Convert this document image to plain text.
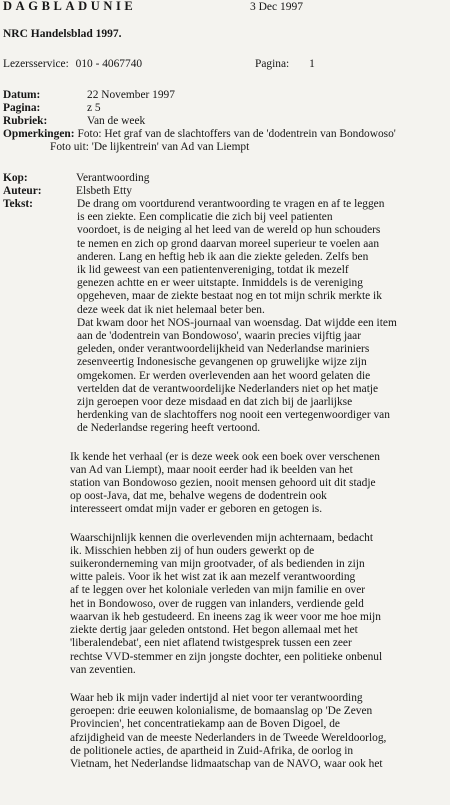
DAGBLADUNIE	3 Dec 1997
NRC Handelsblad 1997.
Lezersservice: 010 - 4067740	Pagina: 1
Datum:	22 November 1997
Pagina:	z 5
Rubriek:	Van de week
Opmerkingen: Foto: Het graf van de slachtoffers van de 'dodentrein van Bondowoso'
Foto uit: 'De lijkentrein' van Ad van Liempt
Kop:	Verantwoording
Auteur:	Elsbeth Etty
Tekst:	De drang om voortdurend verantwoording te vragen en af te leggen
is een ziekte. Een complicatie die zich bij veel patienten
voordoet, is de neiging al het leed van de wereld op hun schouders
te nemen en zich op grond daarvan moreel superieur te voelen aan
anderen. Lang en heftig heb ik aan die ziekte geleden. Zelfs ben
ik lid geweest van een patientenvereniging, totdat ik mezelf
genezen achtte en er weer uitstapte. Inmiddels is de vereniging
opgeheven, maar de ziekte bestaat nog en tot mijn schrik merkte ik
deze week dat ik niet helemaal beter ben.
Dat kwam door het NOS-journaal van woensdag. Dat wijdde een item
aan de 'dodentrein van Bondowoso', waarin precies vijftig jaar
geleden, onder verantwoordelijkheid van Nederlandse mariniers
zesenveertig Indonesische gevangenen op gruwelijke wijze zijn
omgekomen. Er werden overlevenden aan het woord gelaten die
vertelden dat de verantwoordelijke Nederlanders niet op het matje
zijn geroepen voor deze misdaad en dat zich bij de jaarlijkse
herdenking van de slachtoffers nog nooit een vertegenwoordiger van
de Nederlandse regering heeft vertoond.

Ik kende het verhaal (er is deze week ook een boek over verschenen
van Ad van Liempt), maar nooit eerder had ik beelden van het
station van Bondowoso gezien, nooit mensen gehoord uit dit stadje
op oost-Java, dat me, behalve wegens de dodentrein ook
interesseert omdat mijn vader er geboren en getogen is.

Waarschijnlijk kennen die overlevenden mijn achternaam, bedacht
ik. Misschien hebben zij of hun ouders gewerkt op de
suikeronderneming van mijn grootvader, of als bedienden in zijn
witte paleis. Voor ik het wist zat ik aan mezelf verantwoording
af te leggen over het koloniale verleden van mijn familie en over
het in Bondowoso, over de ruggen van inlanders, verdiende geld
waarvan ik heb gestudeerd. En ineens zag ik weer voor me hoe mijn
ziekte dertig jaar geleden ontstond. Het begon allemaal met het
'liberalendebat', een niet aflatend twistgesprek tussen een zeer
rechtse VVD-stemmer en zijn jongste dochter, een politieke onbenul
van zeventien.

Waar heb ik mijn vader indertijd al niet voor ter verantwoording
geroepen: drie eeuwen kolonialisme, de bomaanslag op 'De Zeven
Provincien', het concentratiekamp aan de Boven Digoel, de
afzijdigheid van de meeste Nederlanders in de Tweede Wereldoorlog,
de politionele acties, de apartheid in Zuid-Afrika, de oorlog in
Vietnam, het Nederlandse lidmaatschap van de NAVO, waar ook het
